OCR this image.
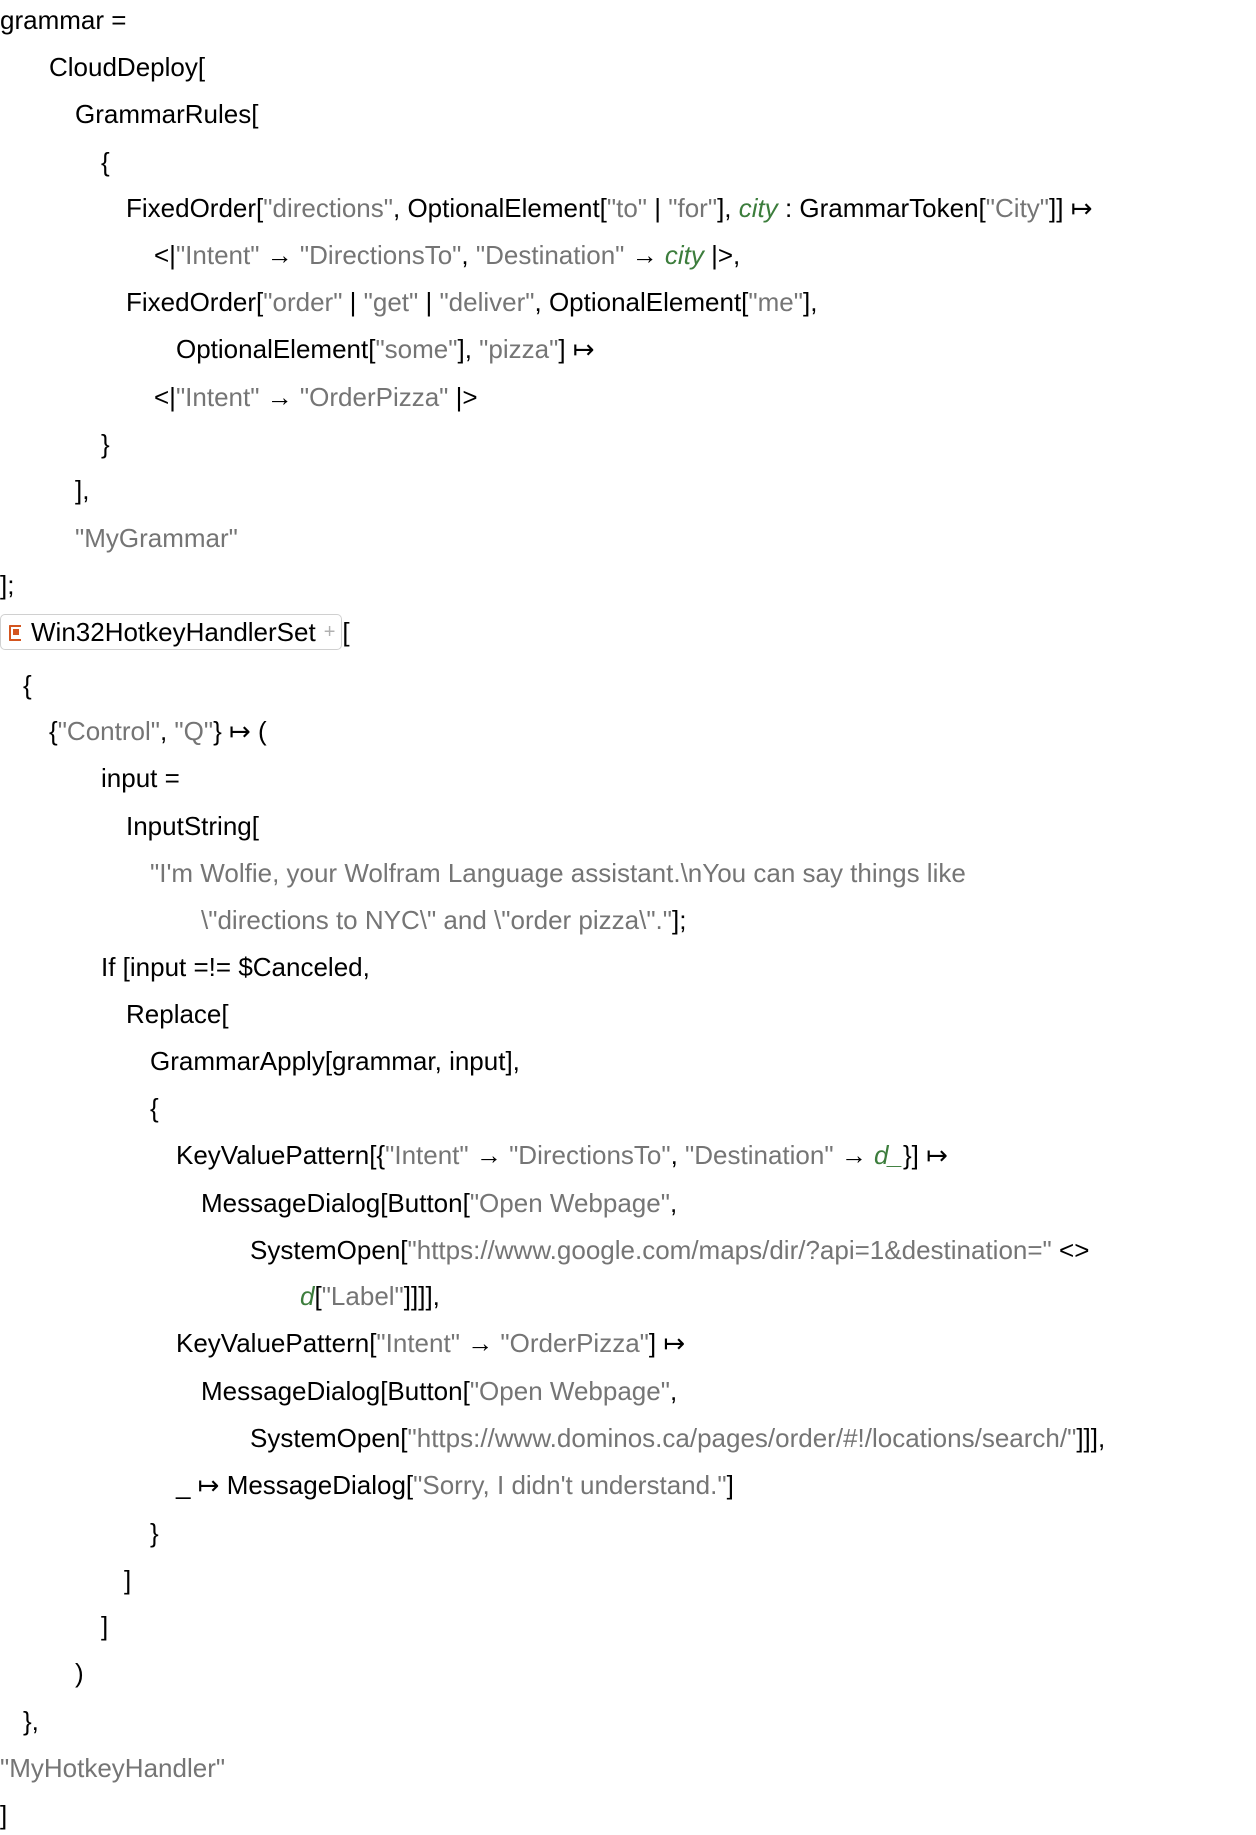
grammar =
CloudDeploy[
GrammarRules[
{
FixedOrder["directions", OptionalElement["to" | "for"], city : GrammarToken["City"]] ↦
<|"Intent" → "DirectionsTo", "Destination" → city |>,
FixedOrder["order" | "get" | "deliver", OptionalElement["me"],
OptionalElement["some"], "pizza"] ↦
<|"Intent" → "OrderPizza" |>
}
],
"MyGrammar"
];
Win32HotkeyHandlerSet + [
{
{"Control", "Q"} ↦ (
input =
InputString[
"I'm Wolfie, your Wolfram Language assistant.\nYou can say things like
\"directions to NYC\" and \"order pizza\"."];
If [input =!= $Canceled,
Replace[
GrammarApply[grammar, input],
{
KeyValuePattern[{"Intent" → "DirectionsTo", "Destination" → d_}] ↦
MessageDialog[Button["Open Webpage",
SystemOpen["https://www.google.com/maps/dir/?api=1&destination=" <>
d["Label"]]]],
KeyValuePattern["Intent" → "OrderPizza"] ↦
MessageDialog[Button["Open Webpage",
SystemOpen["https://www.dominos.ca/pages/order/#!/locations/search/"]]],
_ ↦ MessageDialog["Sorry, I didn't understand."]
}
]
]
)
},
"MyHotkeyHandler"
]
